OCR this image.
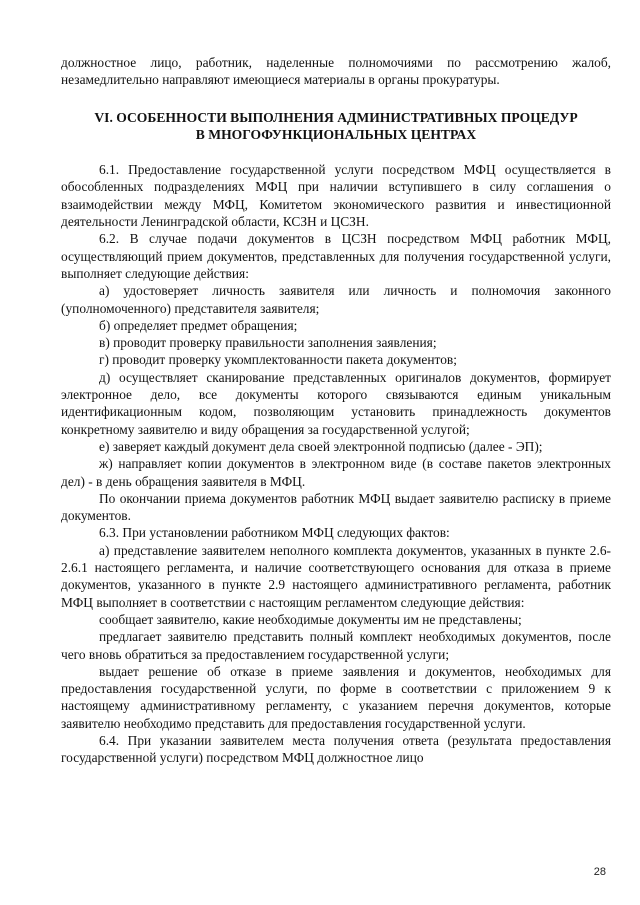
должностное лицо, работник, наделенные полномочиями по рассмотрению жалоб, незамедлительно направляют имеющиеся материалы в органы прокуратуры.

VI. ОСОБЕННОСТИ ВЫПОЛНЕНИЯ АДМИНИСТРАТИВНЫХ ПРОЦЕДУР
В МНОГОФУНКЦИОНАЛЬНЫХ ЦЕНТРАХ

6.1. Предоставление государственной услуги посредством МФЦ осуществляется в обособленных подразделениях МФЦ при наличии вступившего в силу соглашения о взаимодействии между МФЦ, Комитетом экономического развития и инвестиционной деятельности Ленинградской области, КСЗН и ЦСЗН.

6.2. В случае подачи документов в ЦСЗН посредством МФЦ работник МФЦ, осуществляющий прием документов, представленных для получения государственной услуги, выполняет следующие действия:

а) удостоверяет личность заявителя или личность и полномочия законного (уполномоченного) представителя заявителя;

б) определяет предмет обращения;

в) проводит проверку правильности заполнения заявления;

г) проводит проверку укомплектованности пакета документов;

д) осуществляет сканирование представленных оригиналов документов, формирует электронное дело, все документы которого связываются единым уникальным идентификационным кодом, позволяющим установить принадлежность документов конкретному заявителю и виду обращения за государственной услугой;

е) заверяет каждый документ дела своей электронной подписью (далее - ЭП);

ж) направляет копии документов в электронном виде (в составе пакетов электронных дел) - в день обращения заявителя в МФЦ.

По окончании приема документов работник МФЦ выдает заявителю расписку в приеме документов.

6.3. При установлении работником МФЦ следующих фактов:

а) представление заявителем неполного комплекта документов, указанных в пункте 2.6-2.6.1 настоящего регламента, и наличие соответствующего основания для отказа в приеме документов, указанного в пункте 2.9 настоящего административного регламента, работник МФЦ выполняет в соответствии с настоящим регламентом следующие действия:

сообщает заявителю, какие необходимые документы им не представлены;

предлагает заявителю представить полный комплект необходимых документов, после чего вновь обратиться за предоставлением государственной услуги;

выдает решение об отказе в приеме заявления и документов, необходимых для предоставления государственной услуги, по форме в соответствии с приложением 9 к настоящему административному регламенту, с указанием перечня документов, которые заявителю необходимо представить для предоставления государственной услуги.

6.4. При указании заявителем места получения ответа (результата предоставления государственной услуги) посредством МФЦ должностное лицо

28
